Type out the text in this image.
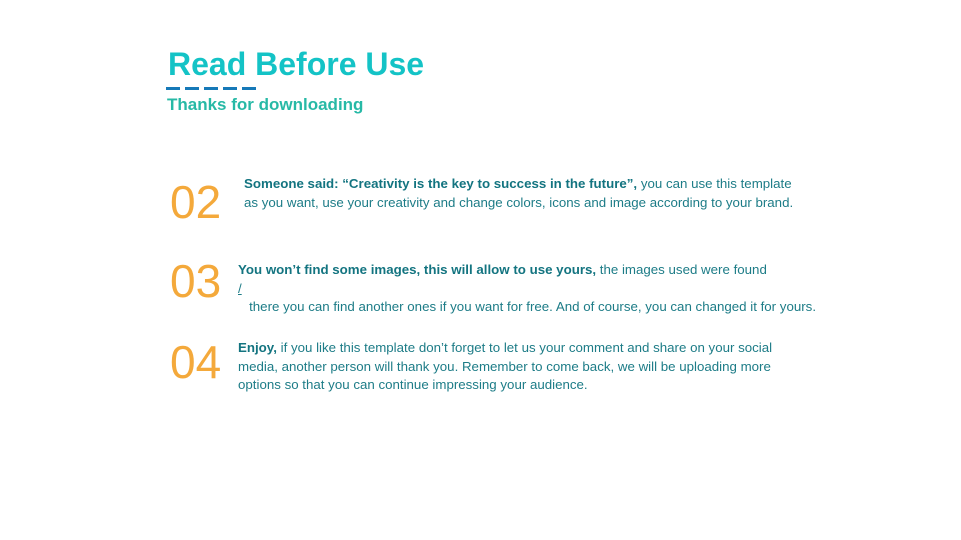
Read Before Use
Thanks for downloading
02 Someone said: “Creativity is the key to success in the future”, you can use this template as you want, use your creativity and change colors, icons and image according to your brand.
03 You won’t find some images, this will allow to use yours, the images used were found
/   there you can find another ones if you want for free. And of course, you can changed it for yours.
04 Enjoy, if you like this template don’t forget to let us your comment and share on your social media, another person will thank you. Remember to come back, we will be uploading more options so that you can continue impressing your audience.
